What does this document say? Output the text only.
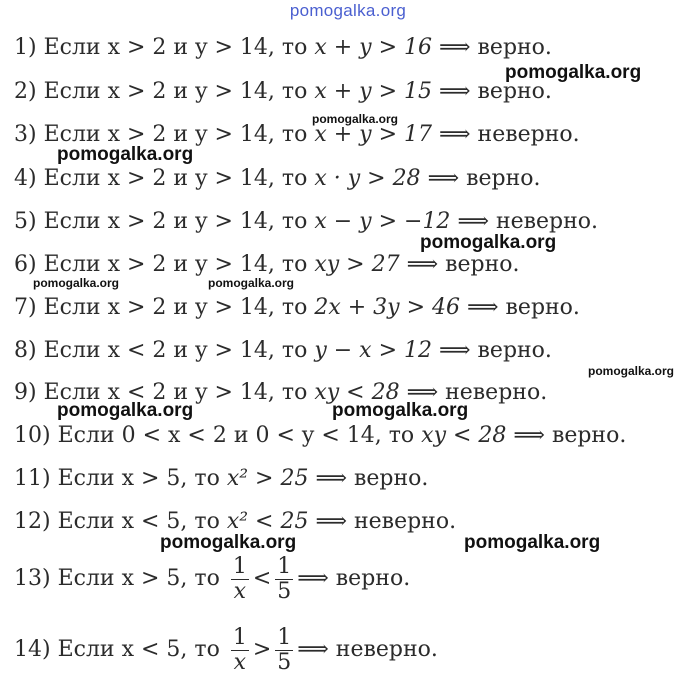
pomogalka.org
1) Если x > 2 и y > 14, то x + y > 16 ⟹ верно.
2) Если x > 2 и y > 14, то x + y > 15 ⟹ верно.
3) Если x > 2 и y > 14, то x + y > 17 ⟹ неверно.
4) Если x > 2 и y > 14, то x · y > 28 ⟹ верно.
5) Если x > 2 и y > 14, то x − y > −12 ⟹ неверно.
6) Если x > 2 и y > 14, то xy > 27 ⟹ верно.
7) Если x > 2 и y > 14, то 2x + 3y > 46 ⟹ верно.
8) Если x < 2 и y > 14, то y − x > 12 ⟹ верно.
9) Если x < 2 и y > 14, то xy < 28 ⟹ неверно.
10) Если 0 < x < 2 и 0 < y < 14, то xy < 28 ⟹ верно.
11) Если x > 5, то x² > 25 ⟹ верно.
12) Если x < 5, то x² < 25 ⟹ неверно.
13) Если x > 5, то $\frac{1}{x} < \frac{1}{5}$ ⟹ верно.
14) Если x < 5, то $\frac{1}{x} > \frac{1}{5}$ ⟹ неверно.
pomogalka.org
pomogalka.org
pomogalka.org
pomogalka.org
pomogalka.org	pomogalka.org
pomogalka.org
pomogalka.org	pomogalka.org
pomogalka.org	pomogalka.org
